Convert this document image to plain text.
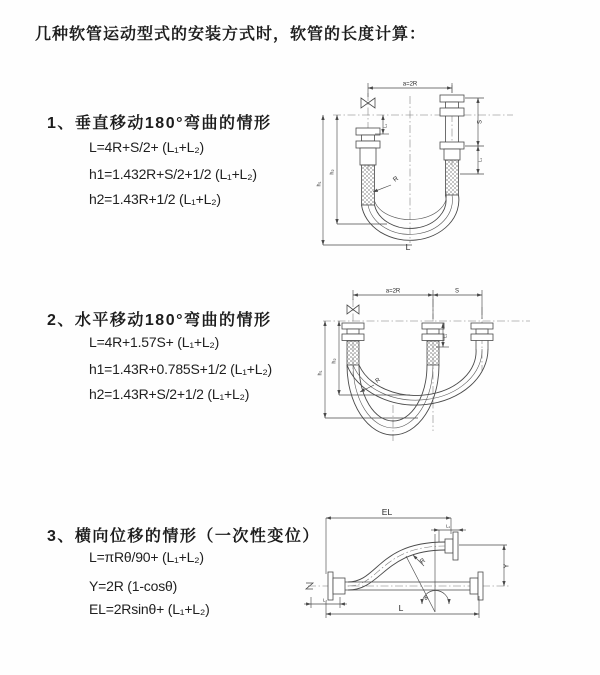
几种软管运动型式的安装方式时，软管的长度计算：
1、垂直移动180°弯曲的情形
L=4R+S/2+ (L₁+L₂)
h1=1.432R+S/2+1/2 (L₁+L₂)
h2=1.43R+1/2 (L₁+L₂)
2、水平移动180°弯曲的情形
L=4R+1.57S+ (L₁+L₂)
h1=1.43R+0.785S+1/2 (L₁+L₂)
h2=1.43R+S/2+1/2 (L₁+L₂)
3、横向位移的情形（一次性变位）
L=πRθ/90+ (L₁+L₂)
Y=2R (1-cosθ)
EL=2Rsinθ+ (L₁+L₂)
a=2R
h₁
h₂
L₁
S
L₁
R
L
a=2R	S
L₁
h₁
h₂
R
EL
L₁
Y
θ
R
L
L₂
